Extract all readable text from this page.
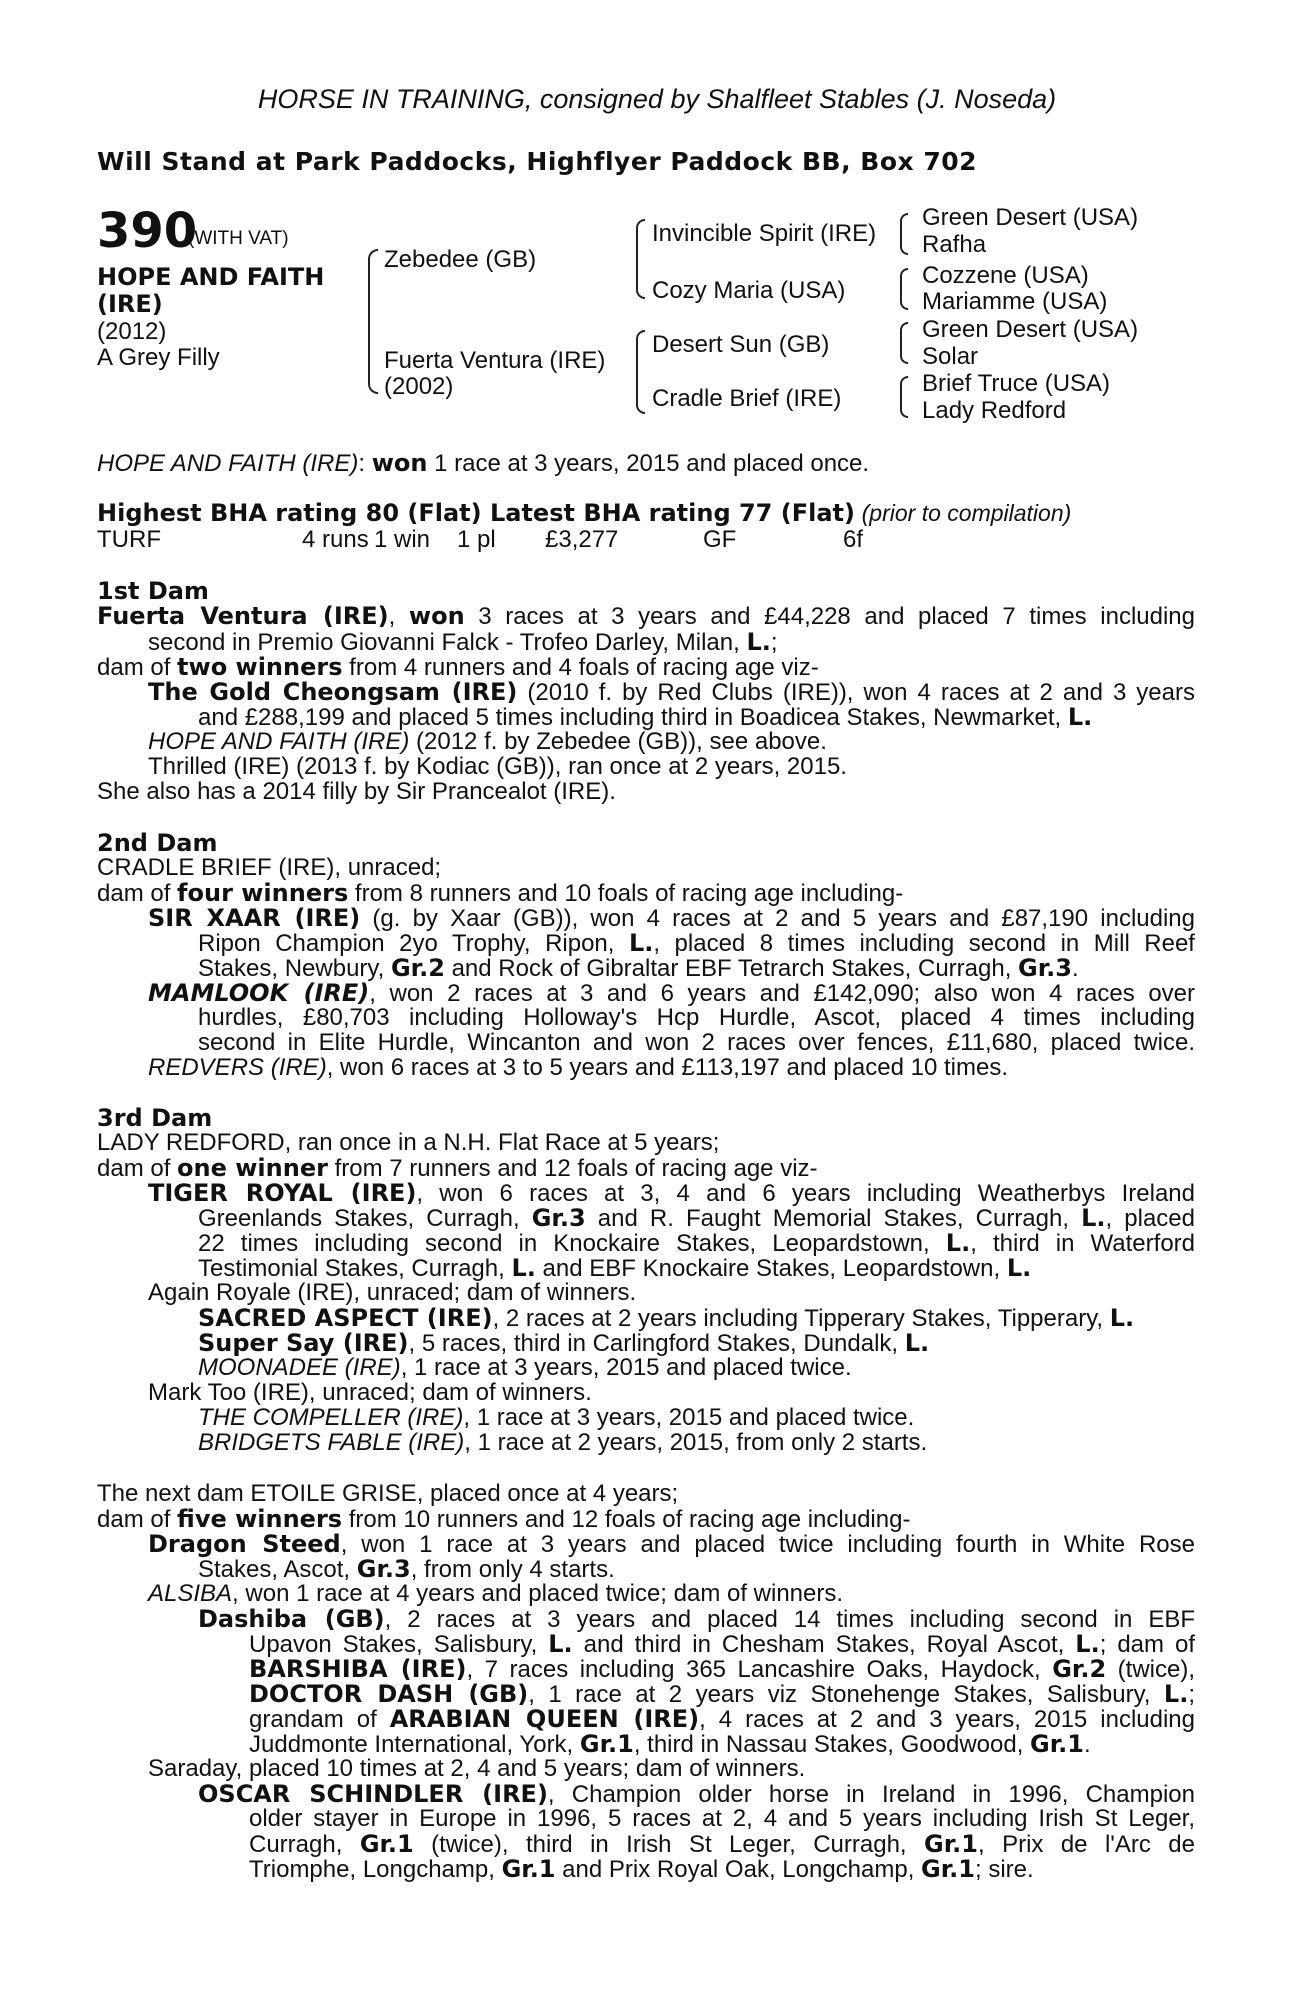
HORSE IN TRAINING, consigned by Shalfleet Stables (J. Noseda)
Will Stand at Park Paddocks, Highflyer Paddock BB, Box 702
390
(WITH VAT)
HOPE AND FAITH
(IRE)
(2012)
A Grey Filly
Zebedee (GB)
Fuerta Ventura (IRE)
(2002)
Invincible Spirit (IRE)
Cozy Maria (USA)
Desert Sun (GB)
Cradle Brief (IRE)
Green Desert (USA)
Rafha
Cozzene (USA)
Mariamme (USA)
Green Desert (USA)
Solar
Brief Truce (USA)
Lady Redford
HOPE AND FAITH (IRE): won 1 race at 3 years, 2015 and placed once.
Highest BHA rating 80 (Flat) Latest BHA rating 77 (Flat) (prior to compilation)
TURF	4 runs 1 win 1 pl £3,277	GF	6f
1st Dam
Fuerta Ventura (IRE), won 3 races at 3 years and £44,228 and placed 7 times including
second in Premio Giovanni Falck - Trofeo Darley, Milan, L.;
dam of two winners from 4 runners and 4 foals of racing age viz-
The Gold Cheongsam (IRE) (2010 f. by Red Clubs (IRE)), won 4 races at 2 and 3 years
and £288,199 and placed 5 times including third in Boadicea Stakes, Newmarket, L.
HOPE AND FAITH (IRE) (2012 f. by Zebedee (GB)), see above.
Thrilled (IRE) (2013 f. by Kodiac (GB)), ran once at 2 years, 2015.
She also has a 2014 filly by Sir Prancealot (IRE).
2nd Dam
CRADLE BRIEF (IRE), unraced;
dam of four winners from 8 runners and 10 foals of racing age including-
SIR XAAR (IRE) (g. by Xaar (GB)), won 4 races at 2 and 5 years and £87,190 including
Ripon Champion 2yo Trophy, Ripon, L., placed 8 times including second in Mill Reef
Stakes, Newbury, Gr.2 and Rock of Gibraltar EBF Tetrarch Stakes, Curragh, Gr.3.
MAMLOOK (IRE), won 2 races at 3 and 6 years and £142,090; also won 4 races over
hurdles, £80,703 including Holloway's Hcp Hurdle, Ascot, placed 4 times including
second in Elite Hurdle, Wincanton and won 2 races over fences, £11,680, placed twice.
REDVERS (IRE), won 6 races at 3 to 5 years and £113,197 and placed 10 times.
3rd Dam
LADY REDFORD, ran once in a N.H. Flat Race at 5 years;
dam of one winner from 7 runners and 12 foals of racing age viz-
TIGER ROYAL (IRE), won 6 races at 3, 4 and 6 years including Weatherbys Ireland
Greenlands Stakes, Curragh, Gr.3 and R. Faught Memorial Stakes, Curragh, L., placed
22 times including second in Knockaire Stakes, Leopardstown, L., third in Waterford
Testimonial Stakes, Curragh, L. and EBF Knockaire Stakes, Leopardstown, L.
Again Royale (IRE), unraced; dam of winners.
SACRED ASPECT (IRE), 2 races at 2 years including Tipperary Stakes, Tipperary, L.
Super Say (IRE), 5 races, third in Carlingford Stakes, Dundalk, L.
MOONADEE (IRE), 1 race at 3 years, 2015 and placed twice.
Mark Too (IRE), unraced; dam of winners.
THE COMPELLER (IRE), 1 race at 3 years, 2015 and placed twice.
BRIDGETS FABLE (IRE), 1 race at 2 years, 2015, from only 2 starts.
The next dam ETOILE GRISE, placed once at 4 years;
dam of five winners from 10 runners and 12 foals of racing age including-
Dragon Steed, won 1 race at 3 years and placed twice including fourth in White Rose
Stakes, Ascot, Gr.3, from only 4 starts.
ALSIBA, won 1 race at 4 years and placed twice; dam of winners.
Dashiba (GB), 2 races at 3 years and placed 14 times including second in EBF
Upavon Stakes, Salisbury, L. and third in Chesham Stakes, Royal Ascot, L.; dam of
BARSHIBA (IRE), 7 races including 365 Lancashire Oaks, Haydock, Gr.2 (twice),
DOCTOR DASH (GB), 1 race at 2 years viz Stonehenge Stakes, Salisbury, L.;
grandam of ARABIAN QUEEN (IRE), 4 races at 2 and 3 years, 2015 including
Juddmonte International, York, Gr.1, third in Nassau Stakes, Goodwood, Gr.1.
Saraday, placed 10 times at 2, 4 and 5 years; dam of winners.
OSCAR SCHINDLER (IRE), Champion older horse in Ireland in 1996, Champion
older stayer in Europe in 1996, 5 races at 2, 4 and 5 years including Irish St Leger,
Curragh, Gr.1 (twice), third in Irish St Leger, Curragh, Gr.1, Prix de l'Arc de
Triomphe, Longchamp, Gr.1 and Prix Royal Oak, Longchamp, Gr.1; sire.
